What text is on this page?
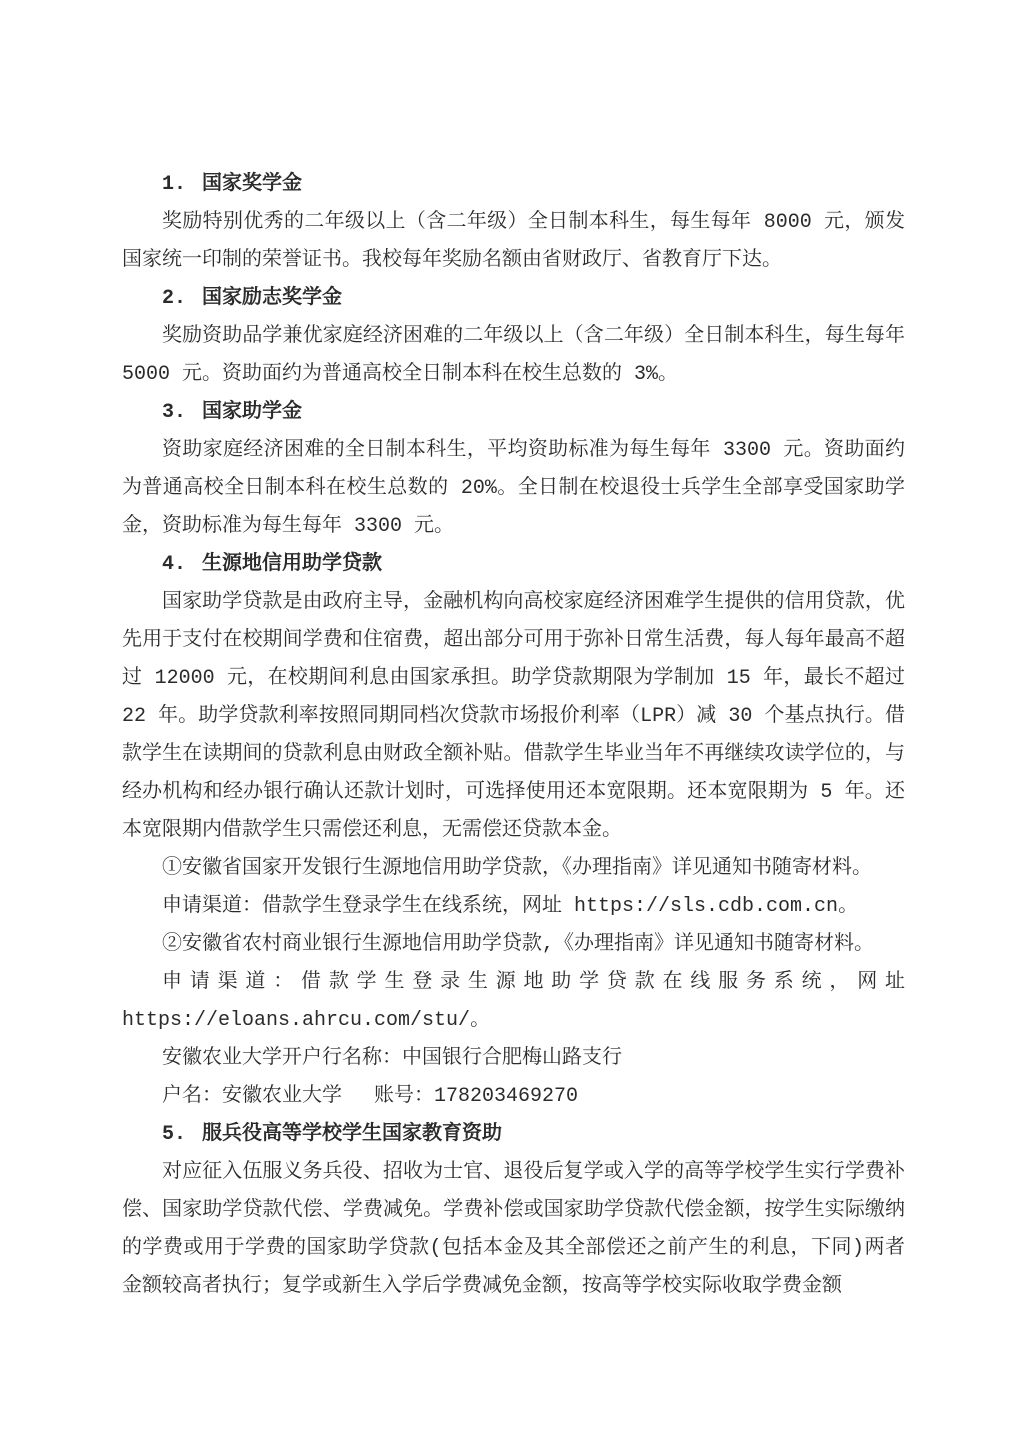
1. 国家奖学金

奖励特别优秀的二年级以上（含二年级）全日制本科生，每生每年 8000 元，颁发国家统一印制的荣誉证书。我校每年奖励名额由省财政厅、省教育厅下达。

2. 国家励志奖学金

奖励资助品学兼优家庭经济困难的二年级以上（含二年级）全日制本科生，每生每年 5000 元。资助面约为普通高校全日制本科在校生总数的 3%。

3. 国家助学金

资助家庭经济困难的全日制本科生，平均资助标准为每生每年 3300 元。资助面约为普通高校全日制本科在校生总数的 20%。全日制在校退役士兵学生全部享受国家助学金，资助标准为每生每年 3300 元。

4. 生源地信用助学贷款

国家助学贷款是由政府主导，金融机构向高校家庭经济困难学生提供的信用贷款，优先用于支付在校期间学费和住宿费，超出部分可用于弥补日常生活费，每人每年最高不超过 12000 元，在校期间利息由国家承担。助学贷款期限为学制加 15 年，最长不超过 22 年。助学贷款利率按照同期同档次贷款市场报价利率（LPR）减 30 个基点执行。借款学生在读期间的贷款利息由财政全额补贴。借款学生毕业当年不再继续攻读学位的，与经办机构和经办银行确认还款计划时，可选择使用还本宽限期。还本宽限期为 5 年。还本宽限期内借款学生只需偿还利息，无需偿还贷款本金。

①安徽省国家开发银行生源地信用助学贷款，《办理指南》详见通知书随寄材料。

申请渠道：借款学生登录学生在线系统，网址 https://sls.cdb.com.cn。

②安徽省农村商业银行生源地信用助学贷款,《办理指南》详见通知书随寄材料。

申请渠道：借款学生登录生源地助学贷款在线服务系统，网址 https://eloans.ahrcu.com/stu/。

安徽农业大学开户行名称：中国银行合肥梅山路支行

户名：安徽农业大学　 账号：178203469270

5. 服兵役高等学校学生国家教育资助

对应征入伍服义务兵役、招收为士官、退役后复学或入学的高等学校学生实行学费补偿、国家助学贷款代偿、学费减免。学费补偿或国家助学贷款代偿金额，按学生实际缴纳的学费或用于学费的国家助学贷款(包括本金及其全部偿还之前产生的利息，下同)两者金额较高者执行；复学或新生入学后学费减免金额，按高等学校实际收取学费金额
